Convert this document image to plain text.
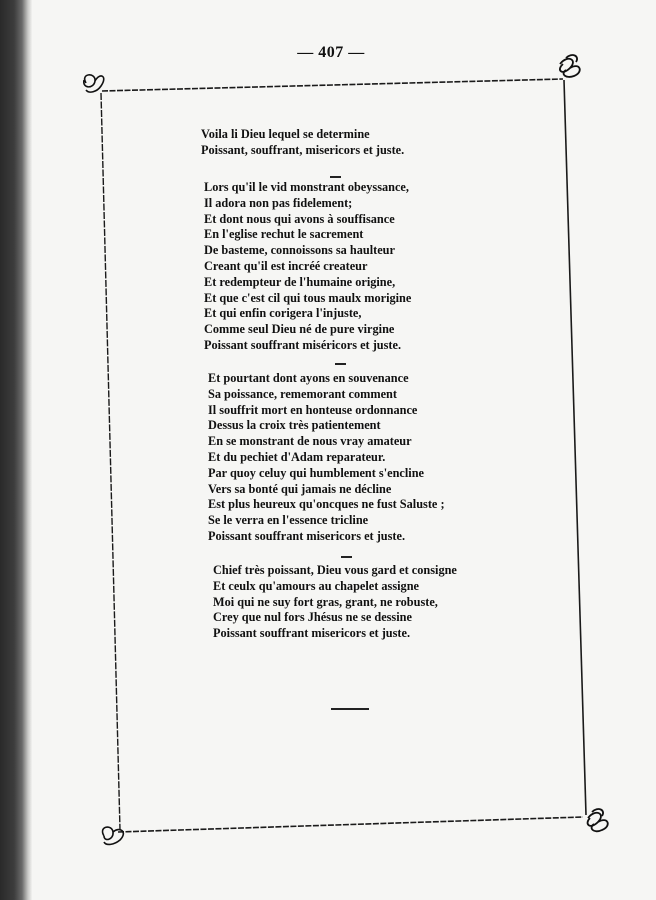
— 407 —
Voila li Dieu lequel se determine
Poissant, souffrant, misericors et juste.
Lors qu'il le vid monstrant obeyssance,
Il adora non pas fidelement;
Et dont nous qui avons à souffisance
En l'eglise rechut le sacrement
De basteme, connoissons sa haulteur
Creant qu'il est incréé createur
Et redempteur de l'humaine origine,
Et que c'est cil qui tous maulx morigine
Et qui enfin corigera l'injuste,
Comme seul Dieu né de pure virgine
Poissant souffrant miséricors et juste.
Et pourtant dont ayons en souvenance
Sa poissance, rememorant comment
Il souffrit mort en honteuse ordonnance
Dessus la croix très patientement
En se monstrant de nous vray amateur
Et du pechiet d'Adam reparateur.
Par quoy celuy qui humblement s'encline
Vers sa bonté qui jamais ne décline
Est plus heureux qu'oncques ne fust Saluste ;
Se le verra en l'essence tricline
Poissant souffrant misericors et juste.
Chief très poissant, Dieu vous gard et consigne
Et ceulx qu'amours au chapelet assigne
Moi qui ne suy fort gras, grant, ne robuste,
Crey que nul fors Jhésus ne se dessine
Poissant souffrant misericors et juste.
